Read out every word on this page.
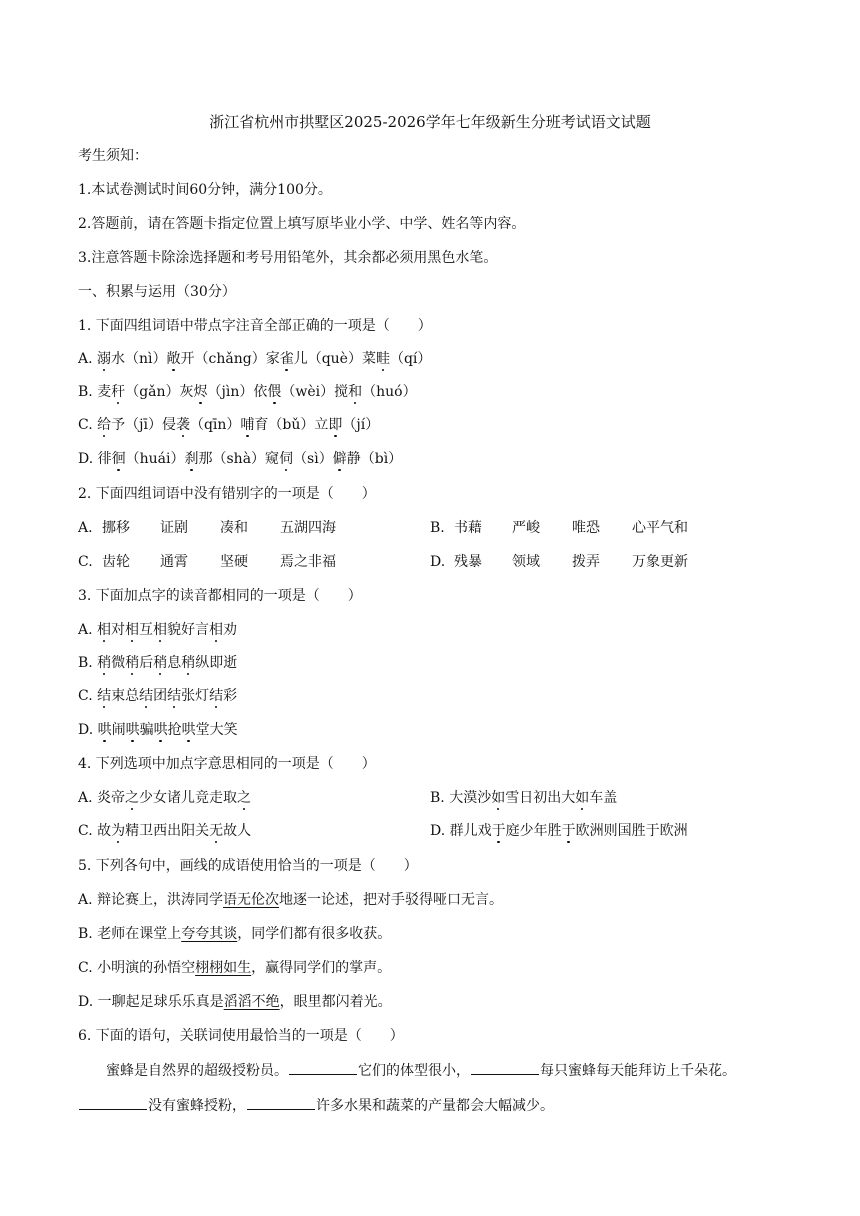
浙江省杭州市拱墅区2025-2026学年七年级新生分班考试语文试题
考生须知：
1.本试卷测试时间60分钟，满分100分。
2.答题前，请在答题卡指定位置上填写原毕业小学、中学、姓名等内容。
3.注意答题卡除涂选择题和考号用铅笔外，其余都必须用黑色水笔。
一、积累与运用（30分）
1. 下面四组词语中带点字注音全部正确的一项是（　　）
A. 溺水（nì）敞开（chǎng）家雀儿（què）菜畦（qí）
B. 麦秆（gǎn）灰烬（jìn）依偎（wèi）搅和（huó）
C. 给予（jī）侵袭（qīn）哺育（bǔ）立即（jí）
D. 徘徊（huái）刹那（shà）窥伺（sì）僻静（bì）
2. 下面四组词语中没有错别字的一项是（　　）
A. 挪移 证剧 凑和 五湖四海	B. 书藉 严峻 唯恐 心平气和
C. 齿轮 通霄 坚硬 焉之非福	D. 残暴 领域 拨弄 万象更新
3. 下面加点字的读音都相同的一项是（　　）
A. 相对相互相貌好言相劝
B. 稍微稍后稍息稍纵即逝
C. 结束总结团结张灯结彩
D. 哄闹哄骗哄抢哄堂大笑
4. 下列选项中加点字意思相同的一项是（　　）
A. 炎帝之少女诸儿竞走取之	B. 大漠沙如雪日初出大如车盖
C. 故为精卫西出阳关无故人	D. 群儿戏于庭少年胜于欧洲则国胜于欧洲
5. 下列各句中，画线的成语使用恰当的一项是（　　）
A. 辩论赛上，洪涛同学语无伦次地逐一论述，把对手驳得哑口无言。
B. 老师在课堂上夸夸其谈，同学们都有很多收获。
C. 小明演的孙悟空栩栩如生，赢得同学们的掌声。
D. 一聊起足球乐乐真是滔滔不绝，眼里都闪着光。
6. 下面的语句，关联词使用最恰当的一项是（　　）
蜜蜂是自然界的超级授粉员。	它们的体型很小，	每只蜜蜂每天能拜访上千朵花。
没有蜜蜂授粉，	许多水果和蔬菜的产量都会大幅减少。
